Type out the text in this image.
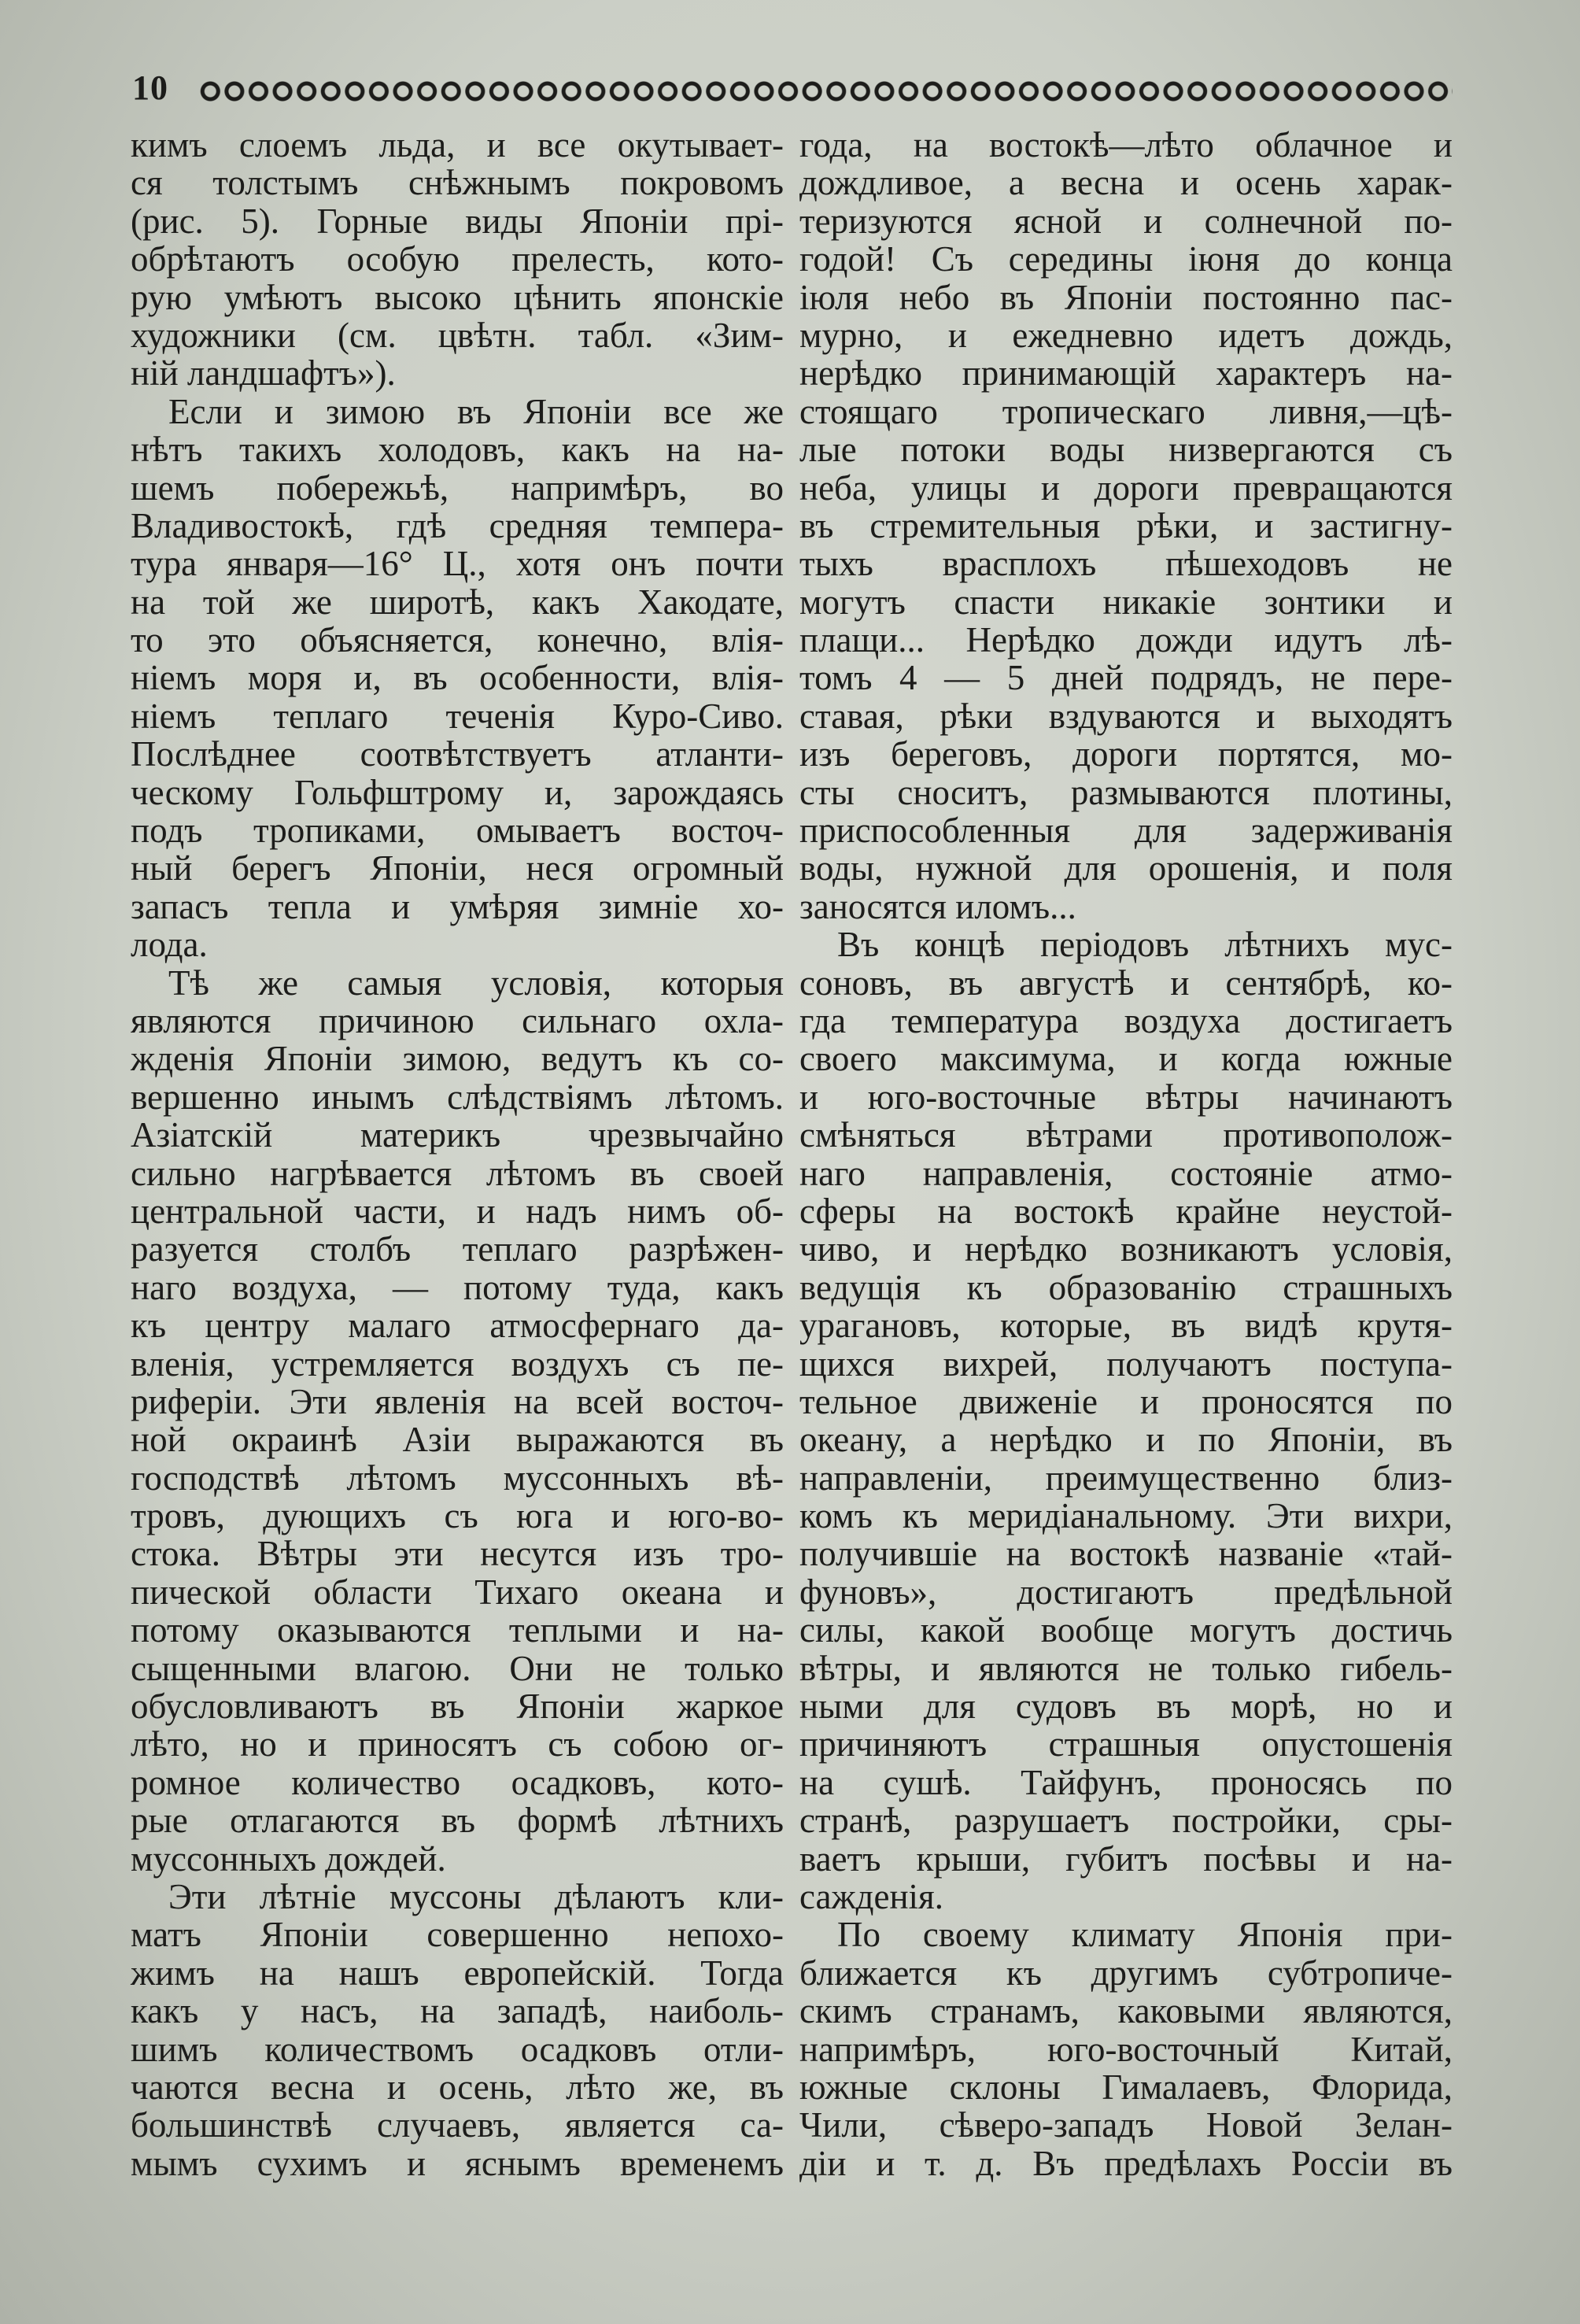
10
кимъ слоемъ льда, и все окутывает-
ся толстымъ снѣжнымъ покровомъ
(рис. 5). Горные виды Японіи прі-
обрѣтаютъ особую прелесть, кото-
рую умѣютъ высоко цѣнить японскіе
художники (см. цвѣтн. табл. «Зим-
ній ландшафтъ»).
Если и зимою въ Японіи все же
нѣтъ такихъ холодовъ, какъ на на-
шемъ побережьѣ, напримѣръ, во
Владивостокѣ, гдѣ средняя темпера-
тура января—16° Ц., хотя онъ почти
на той же широтѣ, какъ Хакодате,
то это объясняется, конечно, влія-
ніемъ моря и, въ особенности, влія-
ніемъ теплаго теченія Куро-Сиво.
Послѣднее соотвѣтствуетъ атланти-
ческому Гольфштрому и, зарождаясь
подъ тропиками, омываетъ восточ-
ный берегъ Японіи, неся огромный
запасъ тепла и умѣряя зимніе хо-
лода.
Тѣ же самыя условія, которыя
являются причиною сильнаго охла-
жденія Японіи зимою, ведутъ къ со-
вершенно инымъ слѣдствіямъ лѣтомъ.
Азіатскій материкъ чрезвычайно
сильно нагрѣвается лѣтомъ въ своей
центральной части, и надъ нимъ об-
разуется столбъ теплаго разрѣжен-
наго воздуха, — потому туда, какъ
къ центру малаго атмосфернаго да-
вленія, устремляется воздухъ съ пе-
рифеpіи. Эти явленія на всей восточ-
ной окраинѣ Азіи выражаются въ
господствѣ лѣтомъ муссонныхъ вѣ-
тровъ, дующихъ съ юга и юго-во-
стока. Вѣтры эти несутся изъ тро-
пической области Тихаго океана и
потому оказываются теплыми и на-
сыщенными влагою. Они не только
обусловливаютъ въ Японіи жаркое
лѣто, но и приносятъ съ собою ог-
ромное количество осадковъ, кото-
рые отлагаются въ формѣ лѣтнихъ
муссонныхъ дождей.
Эти лѣтніе муссоны дѣлаютъ кли-
матъ Японіи совершенно непохо-
жимъ на нашъ европейскій. Тогда
какъ у насъ, на западѣ, наиболь-
шимъ количествомъ осадковъ отли-
чаются весна и осень, лѣто же, въ
большинствѣ случаевъ, является са-
мымъ сухимъ и яснымъ временемъ
года, на востокѣ—лѣто облачное и
дождливое, а весна и осень харак-
теризуются ясной и солнечной по-
годой! Съ середины іюня до конца
іюля небо въ Японіи постоянно пас-
мурно, и ежедневно идетъ дождь,
нерѣдко принимающій характеръ на-
стоящаго тропическаго ливня,—цѣ-
лые потоки воды низвергаются съ
неба, улицы и дороги превращаются
въ стремительныя рѣки, и застигну-
тыхъ врасплохъ пѣшеходовъ не
могутъ спасти никакіе зонтики и
плащи... Нерѣдко дожди идутъ лѣ-
томъ 4 — 5 дней подрядъ, не пере-
ставая, рѣки вздуваются и выходятъ
изъ береговъ, дороги портятся, мо-
сты сноситъ, размываются плотины,
приспособленныя для задерживанія
воды, нужной для орошенія, и поля
заносятся иломъ...
Въ концѣ періодовъ лѣтнихъ мус-
соновъ, въ августѣ и сентябрѣ, ко-
гда температура воздуха достигаетъ
своего максимума, и когда южные
и юго-восточные вѣтры начинаютъ
смѣняться вѣтрами противополож-
наго направленія, состояніе атмо-
сферы на востокѣ крайне неустой-
чиво, и нерѣдко возникаютъ условія,
ведущія къ образованію страшныхъ
урагановъ, которые, въ видѣ крутя-
щихся вихрей, получаютъ поступа-
тельное движеніе и проносятся по
океану, а нерѣдко и по Японіи, въ
направленіи, преимущественно близ-
комъ къ меридіанальному. Эти вихри,
получившіе на востокѣ названіе «тай-
фуновъ», достигаютъ предѣльной
силы, какой вообще могутъ достичь
вѣтры, и являются не только гибель-
ными для судовъ въ морѣ, но и
причиняютъ страшныя опустошенія
на сушѣ. Тайфунъ, проносясь по
странѣ, разрушаетъ постройки, сры-
ваетъ крыши, губитъ посѣвы и на-
сажденія.
По своему климату Японія при-
ближается къ другимъ субтропиче-
скимъ странамъ, каковыми являются,
напримѣръ, юго-восточный Китай,
южные склоны Гималаевъ, Флорида,
Чили, сѣверо-западъ Новой Зелан-
діи и т. д. Въ предѣлахъ Россіи въ
